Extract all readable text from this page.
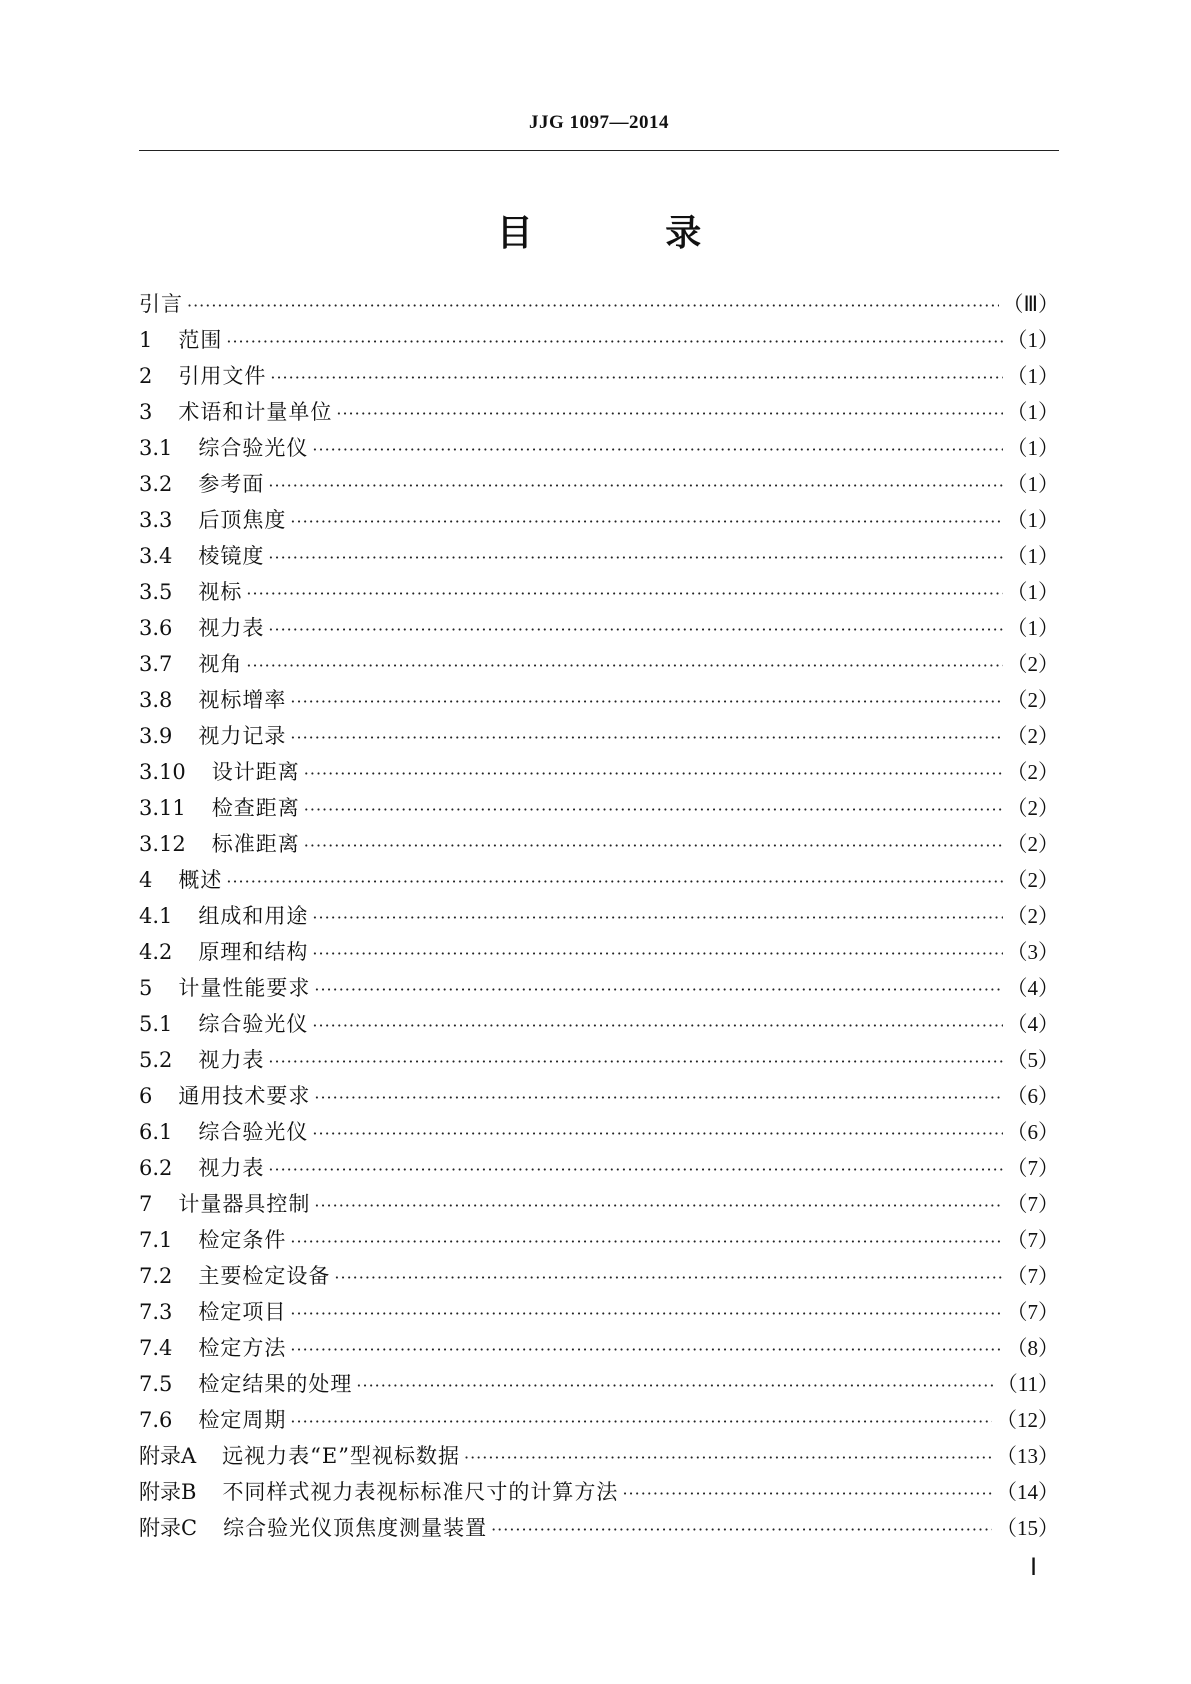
JJG 1097—2014
目 录
引言 ·····	（Ⅲ）
1 范围 ·····	（1）
2 引用文件 ·····	（1）
3 术语和计量单位 ·····	（1）
3.1 综合验光仪 ·····	（1）
3.2 参考面 ·····	（1）
3.3 后顶焦度 ·····	（1）
3.4 棱镜度 ·····	（1）
3.5 视标 ·····	（1）
3.6 视力表 ·····	（1）
3.7 视角 ·····	（2）
3.8 视标增率 ·····	（2）
3.9 视力记录 ·····	（2）
3.10 设计距离 ·····	（2）
3.11 检查距离 ·····	（2）
3.12 标准距离 ·····	（2）
4 概述 ·····	（2）
4.1 组成和用途 ·····	（2）
4.2 原理和结构 ·····	（3）
5 计量性能要求 ·····	（4）
5.1 综合验光仪 ·····	（4）
5.2 视力表 ·····	（5）
6 通用技术要求 ·····	（6）
6.1 综合验光仪 ·····	（6）
6.2 视力表 ·····	（7）
7 计量器具控制 ·····	（7）
7.1 检定条件 ·····	（7）
7.2 主要检定设备 ·····	（7）
7.3 检定项目 ·····	（7）
7.4 检定方法 ·····	（8）
7.5 检定结果的处理 ·····	（11）
7.6 检定周期 ·····	（12）
附录A 远视力表“E”型视标数据 ·····	（13）
附录B 不同样式视力表视标标准尺寸的计算方法 ·····	（14）
附录C 综合验光仪顶焦度测量装置 ·····	（15）
Ⅰ
